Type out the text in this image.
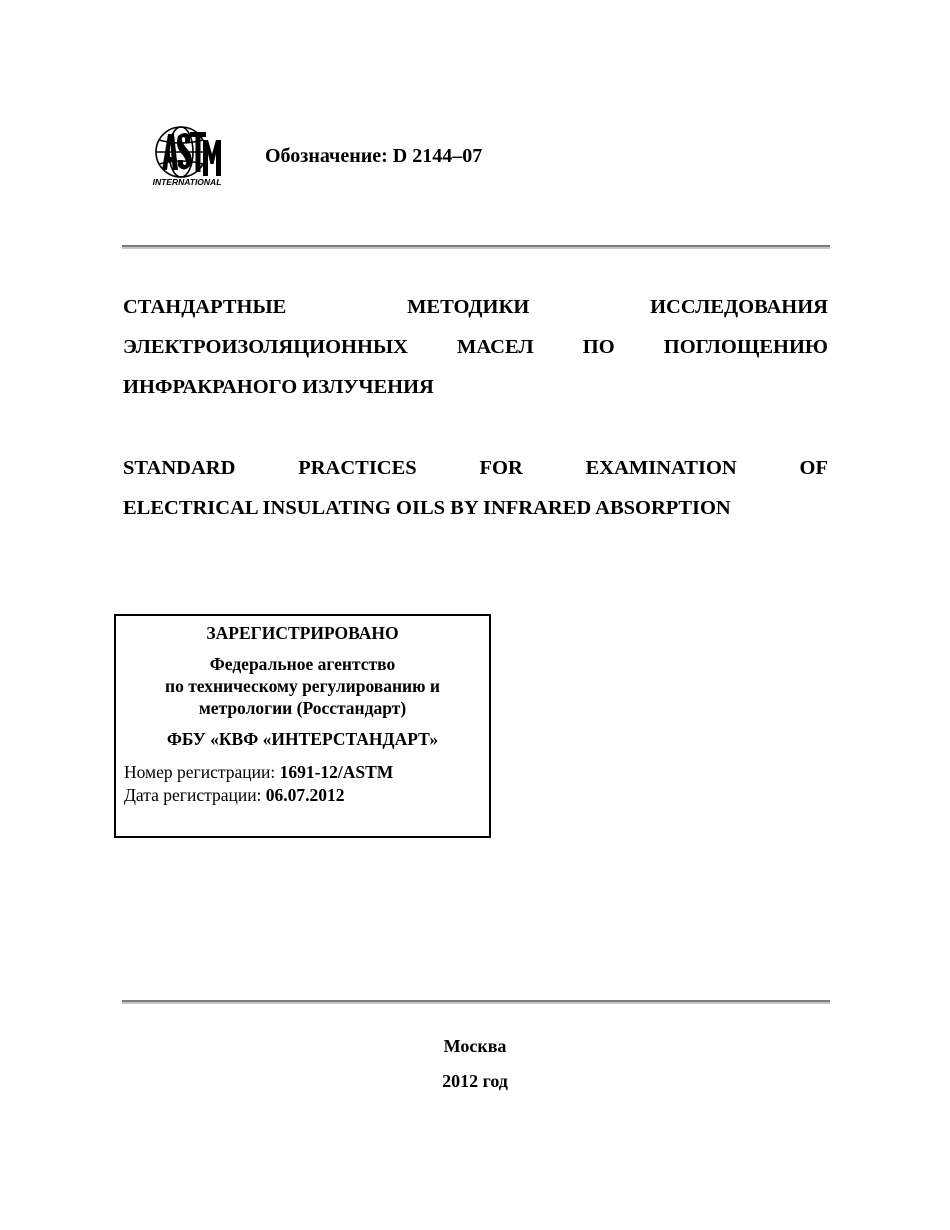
INTERNATIONAL
Обозначение: D 2144–07
СТАНДАРТНЫЕ МЕТОДИКИ ИССЛЕДОВАНИЯ
ЭЛЕКТРОИЗОЛЯЦИОННЫХ МАСЕЛ ПО ПОГЛОЩЕНИЮ
ИНФРАКРАНОГО ИЗЛУЧЕНИЯ
STANDARD PRACTICES FOR EXAMINATION OF
ELECTRICAL INSULATING OILS BY INFRARED ABSORPTION
ЗАРЕГИСТРИРОВАНО
Федеральное агентство
по техническому регулированию и
метрологии (Росстандарт)
ФБУ «КВФ «ИНТЕРСТАНДАРТ»
Номер регистрации: 1691-12/ASTM
Дата регистрации: 06.07.2012
Москва
2012 год
